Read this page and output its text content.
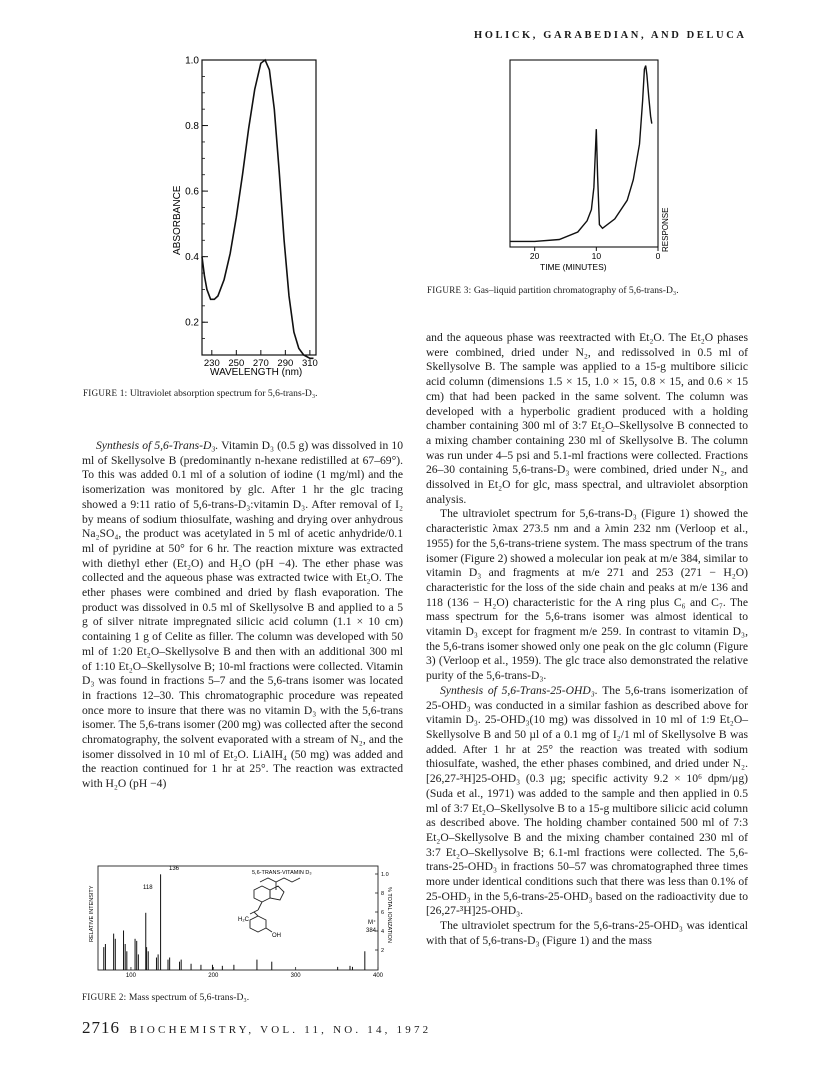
HOLICK, GARABEDIAN, AND DELUCA
0.2
0.4
0.6
0.8
1.0
230 250 270 290 310
ABSORBANCE
WAVELENGTH (nm)
FIGURE 1: Ultraviolet absorption spectrum for 5,6-trans-D₃.
20	10	0
RESPONSE
TIME (MINUTES)
FIGURE 3: Gas–liquid partition chromatography of 5,6-trans-D₃.

Synthesis of 5,6-Trans-D₃. Vitamin D₃ (0.5 g) was dissolved in 10 ml of Skellysolve B (predominantly n-hexane redistilled at 67–69°). To this was added 0.1 ml of a solution of iodine (1 mg/ml) and the isomerization was monitored by glc. After 1 hr the glc tracing showed a 9:11 ratio of 5,6-trans-D₃:vitamin D₃. After removal of I₂ by means of sodium thiosulfate, washing and drying over anhydrous Na₂SO₄, the product was acetylated in 5 ml of acetic anhydride/0.1 ml of pyridine at 50° for 6 hr. The reaction mixture was extracted with diethyl ether (Et₂O) and H₂O (pH −4). The ether phase was collected and the aqueous phase was extracted twice with Et₂O. The ether phases were combined and dried by flash evaporation. The product was dissolved in 0.5 ml of Skellysolve B and applied to a 5 g of silver nitrate impregnated silicic acid column (1.1 × 10 cm) containing 1 g of Celite as filler. The column was developed with 50 ml of 1:20 Et₂O–Skellysolve B and then with an additional 300 ml of 1:10 Et₂O–Skellysolve B; 10-ml fractions were collected. Vitamin D₃ was found in fractions 5–7 and the 5,6-trans isomer was located in fractions 12–30. This chromatographic procedure was repeated once more to insure that there was no vitamin D₃ with the 5,6-trans isomer. The 5,6-trans isomer (200 mg) was collected after the second chromatography, the solvent evaporated with a stream of N₂, and the isomer dissolved in 10 ml of Et₂O. LiAlH₄ (50 mg) was added and the reaction continued for 1 hr at 25°. The reaction was extracted with H₂O (pH −4)

100	200	300	400
1.0
8
6
4
2
RELATIVE INTENSITY	% TOTAL IONIZATION
5,6-TRANS-VITAMIN D₃
118
136
M⁺
384
H₂C
OH
FIGURE 2: Mass spectrum of 5,6-trans-D₃.

and the aqueous phase was reextracted with Et₂O. The Et₂O phases were combined, dried under N₂, and redissolved in 0.5 ml of Skellysolve B. The sample was applied to a 15-g multibore silicic acid column (dimensions 1.5 × 15, 1.0 × 15, 0.8 × 15, and 0.6 × 15 cm) that had been packed in the same solvent. The column was developed with a hyperbolic gradient produced with a holding chamber containing 300 ml of 3:7 Et₂O–Skellysolve B connected to a mixing chamber containing 230 ml of Skellysolve B. The column was run under 4–5 psi and 5.1-ml fractions were collected. Fractions 26–30 containing 5,6-trans-D₃ were combined, dried under N₂, and dissolved in Et₂O for glc, mass spectral, and ultraviolet absorption analysis.

The ultraviolet spectrum for 5,6-trans-D₃ (Figure 1) showed the characteristic λmax 273.5 nm and a λmin 232 nm (Verloop et al., 1955) for the 5,6-trans-triene system. The mass spectrum of the trans isomer (Figure 2) showed a molecular ion peak at m/e 384, similar to vitamin D₃ and fragments at m/e 271 and 253 (271 − H₂O) characteristic for the loss of the side chain and peaks at m/e 136 and 118 (136 − H₂O) characteristic for the A ring plus C₆ and C₇. The mass spectrum for the 5,6-trans isomer was almost identical to vitamin D₃ except for fragment m/e 259. In contrast to vitamin D₃, the 5,6-trans isomer showed only one peak on the glc column (Figure 3) (Verloop et al., 1959). The glc trace also demonstrated the relative purity of the 5,6-trans-D₃.

Synthesis of 5,6-Trans-25-OHD₃. The 5,6-trans isomerization of 25-OHD₃ was conducted in a similar fashion as described above for vitamin D₃. 25-OHD₃(10 mg) was dissolved in 10 ml of 1:9 Et₂O–Skellysolve B and 50 µl of a 0.1 mg of I₂/1 ml of Skellysolve B was added. After 1 hr at 25° the reaction was treated with sodium thiosulfate, washed, the ether phases combined, and dried under N₂. [26,27-³H]25-OHD₃ (0.3 µg; specific activity 9.2 × 10⁶ dpm/µg) (Suda et al., 1971) was added to the sample and then applied in 0.5 ml of 3:7 Et₂O–Skellysolve B to a 15-g multibore silicic acid column as described above. The holding chamber contained 500 ml of 7:3 Et₂O–Skellysolve B and the mixing chamber contained 230 ml of 3:7 Et₂O–Skellysolve B; 6.1-ml fractions were collected. The 5,6-trans-25-OHD₃ in fractions 50–57 was chromatographed three times more under identical conditions such that there was less than 0.1% of 25-OHD₃ in the 5,6-trans-25-OHD₃ based on the radioactivity due to [26,27-³H]25-OHD₃.

The ultraviolet spectrum for the 5,6-trans-25-OHD₃ was identical with that of 5,6-trans-D₃ (Figure 1) and the mass

2716 BIOCHEMISTRY, VOL. 11, NO. 14, 1972
